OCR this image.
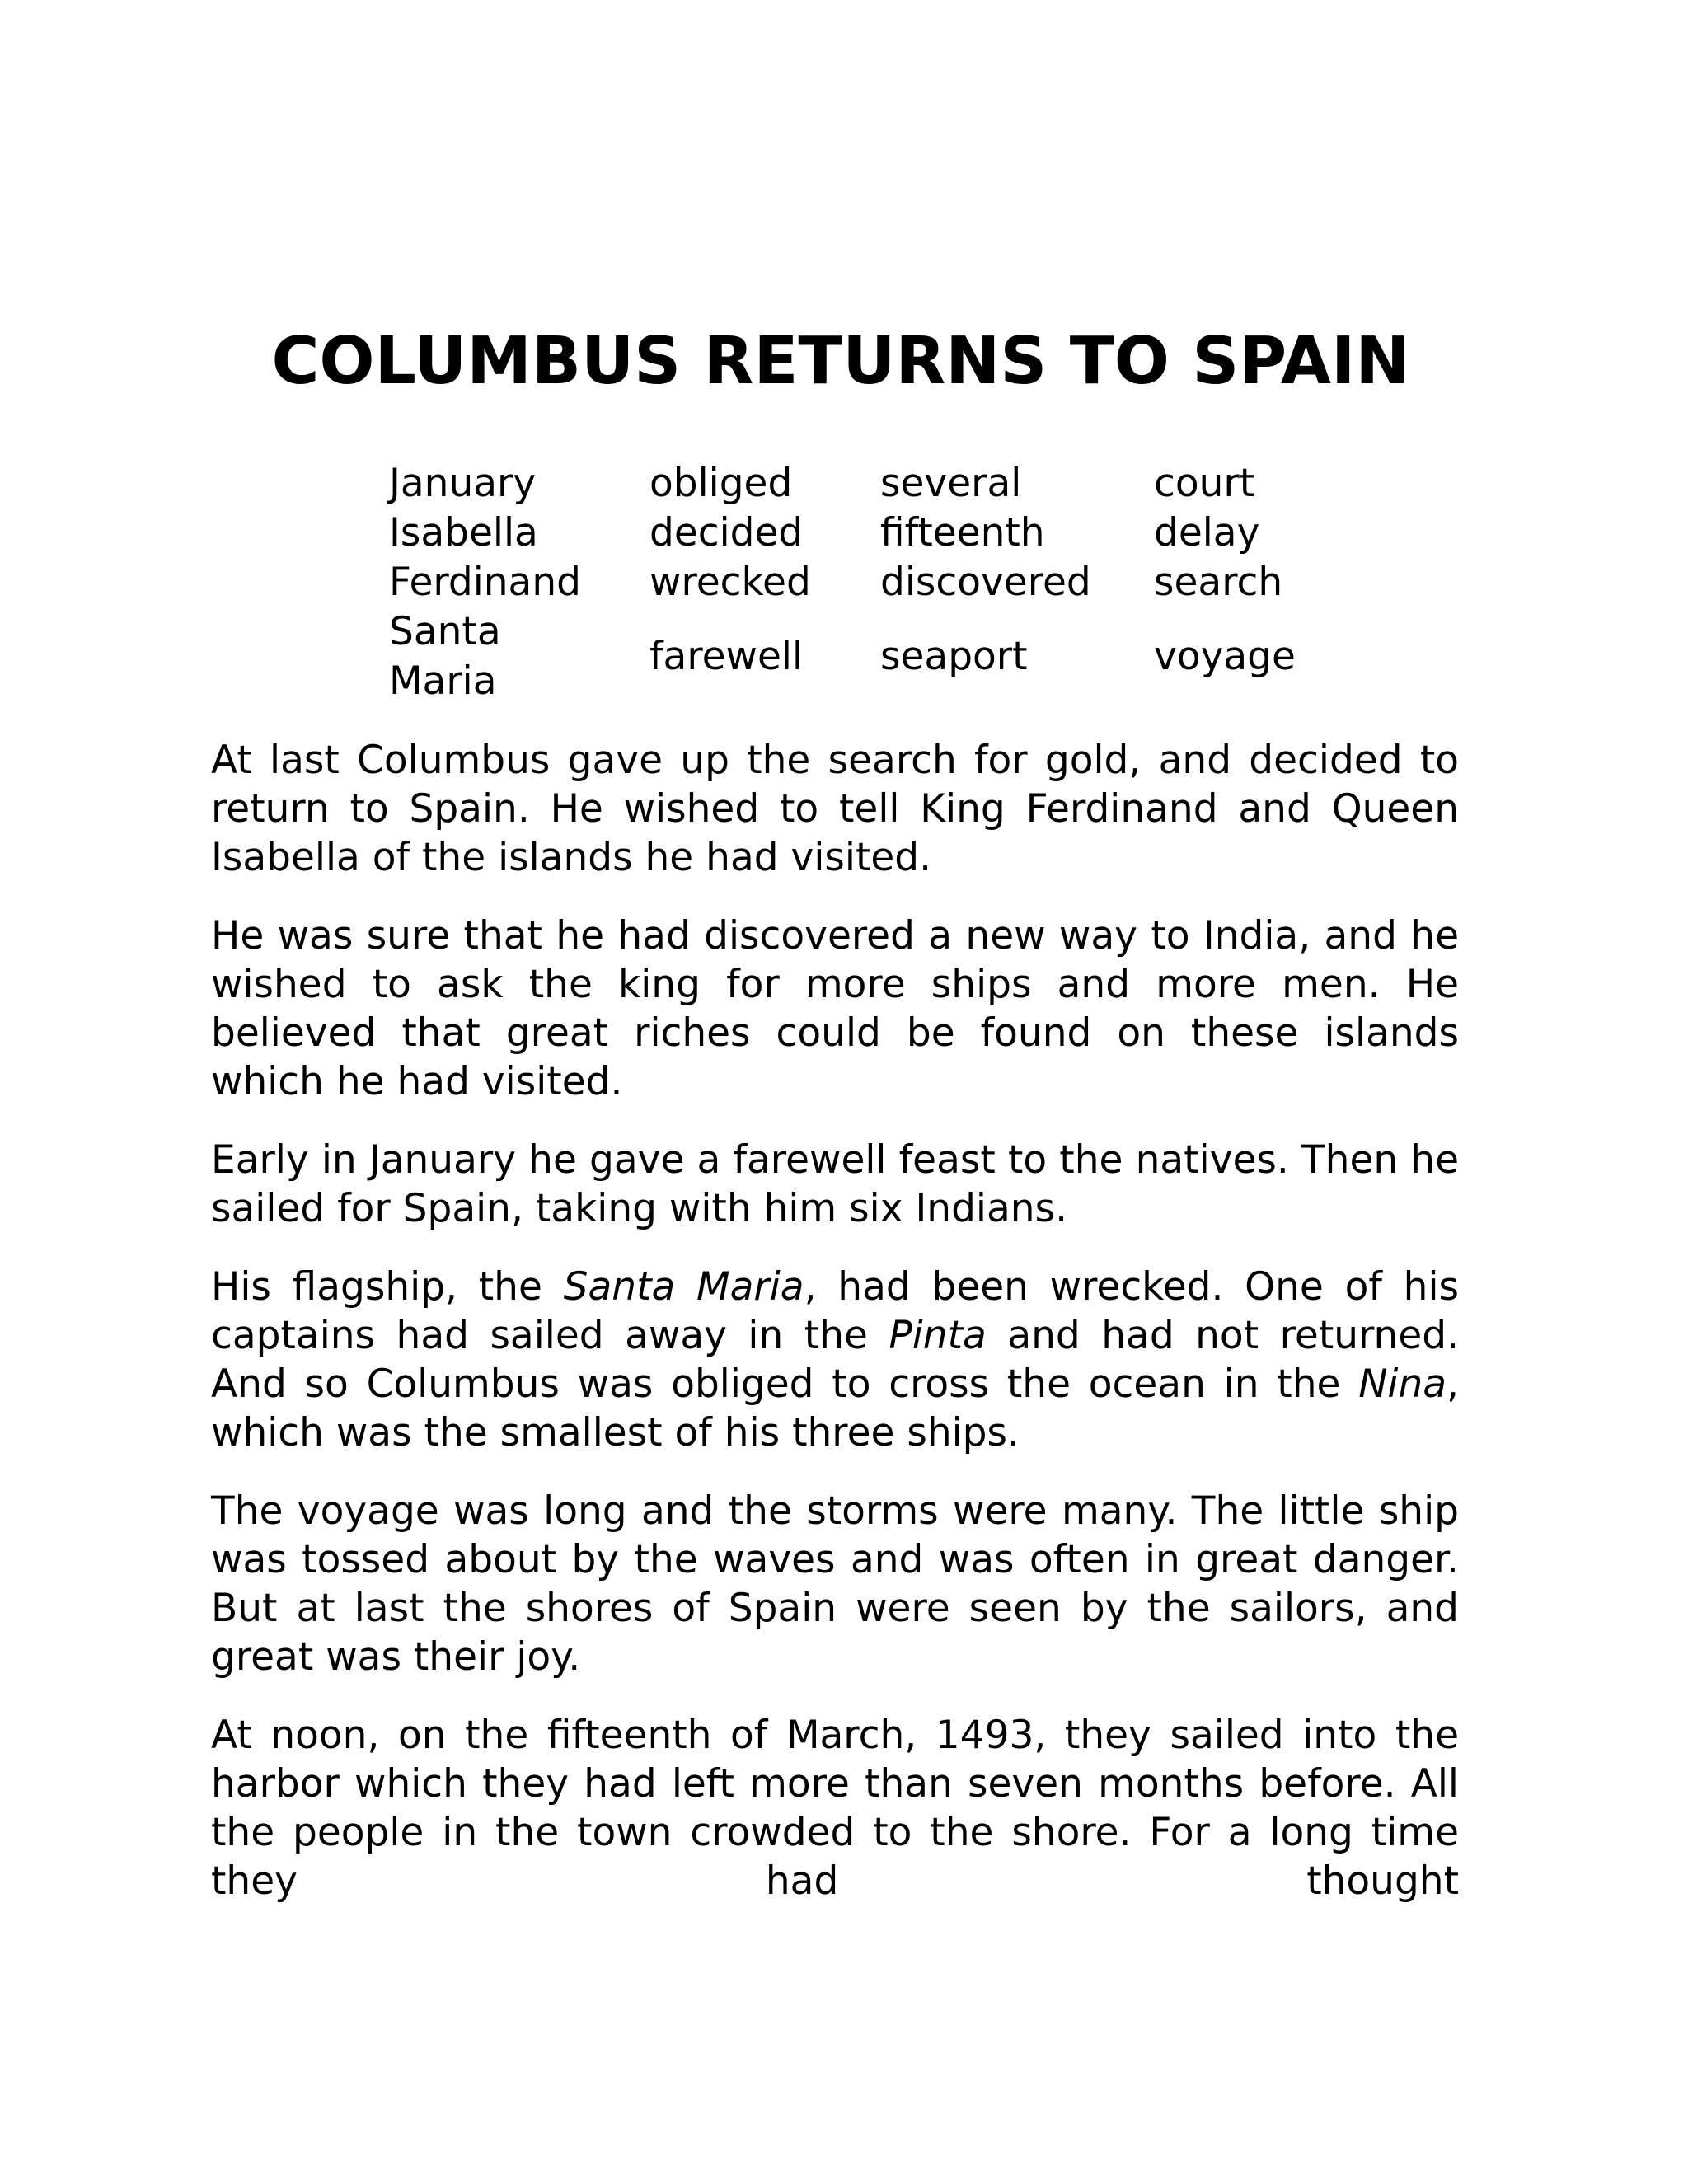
COLUMBUS RETURNS TO SPAIN
January	obliged	several	court
Isabella	decided	fifteenth	delay
Ferdinand	wrecked	discovered	search

Santa Maria	farewell	seaport	voyage

At last Columbus gave up the search for gold, and decided to return to Spain. He wished to tell King Ferdinand and Queen Isabella of the islands he had visited.

He was sure that he had discovered a new way to India, and he wished to ask the king for more ships and more men. He believed that great riches could be found on these islands which he had visited.

Early in January he gave a farewell feast to the natives. Then he sailed for Spain, taking with him six Indians.

His flagship, the Santa Maria, had been wrecked. One of his captains had sailed away in the Pinta and had not returned. And so Columbus was obliged to cross the ocean in the Nina, which was the smallest of his three ships.

The voyage was long and the storms were many. The little ship was tossed about by the waves and was often in great danger. But at last the shores of Spain were seen by the sailors, and great was their joy.

At noon, on the fifteenth of March, 1493, they sailed into the harbor which they had left more than seven months before. All the people in the town crowded to the shore. For a long time they had thought
